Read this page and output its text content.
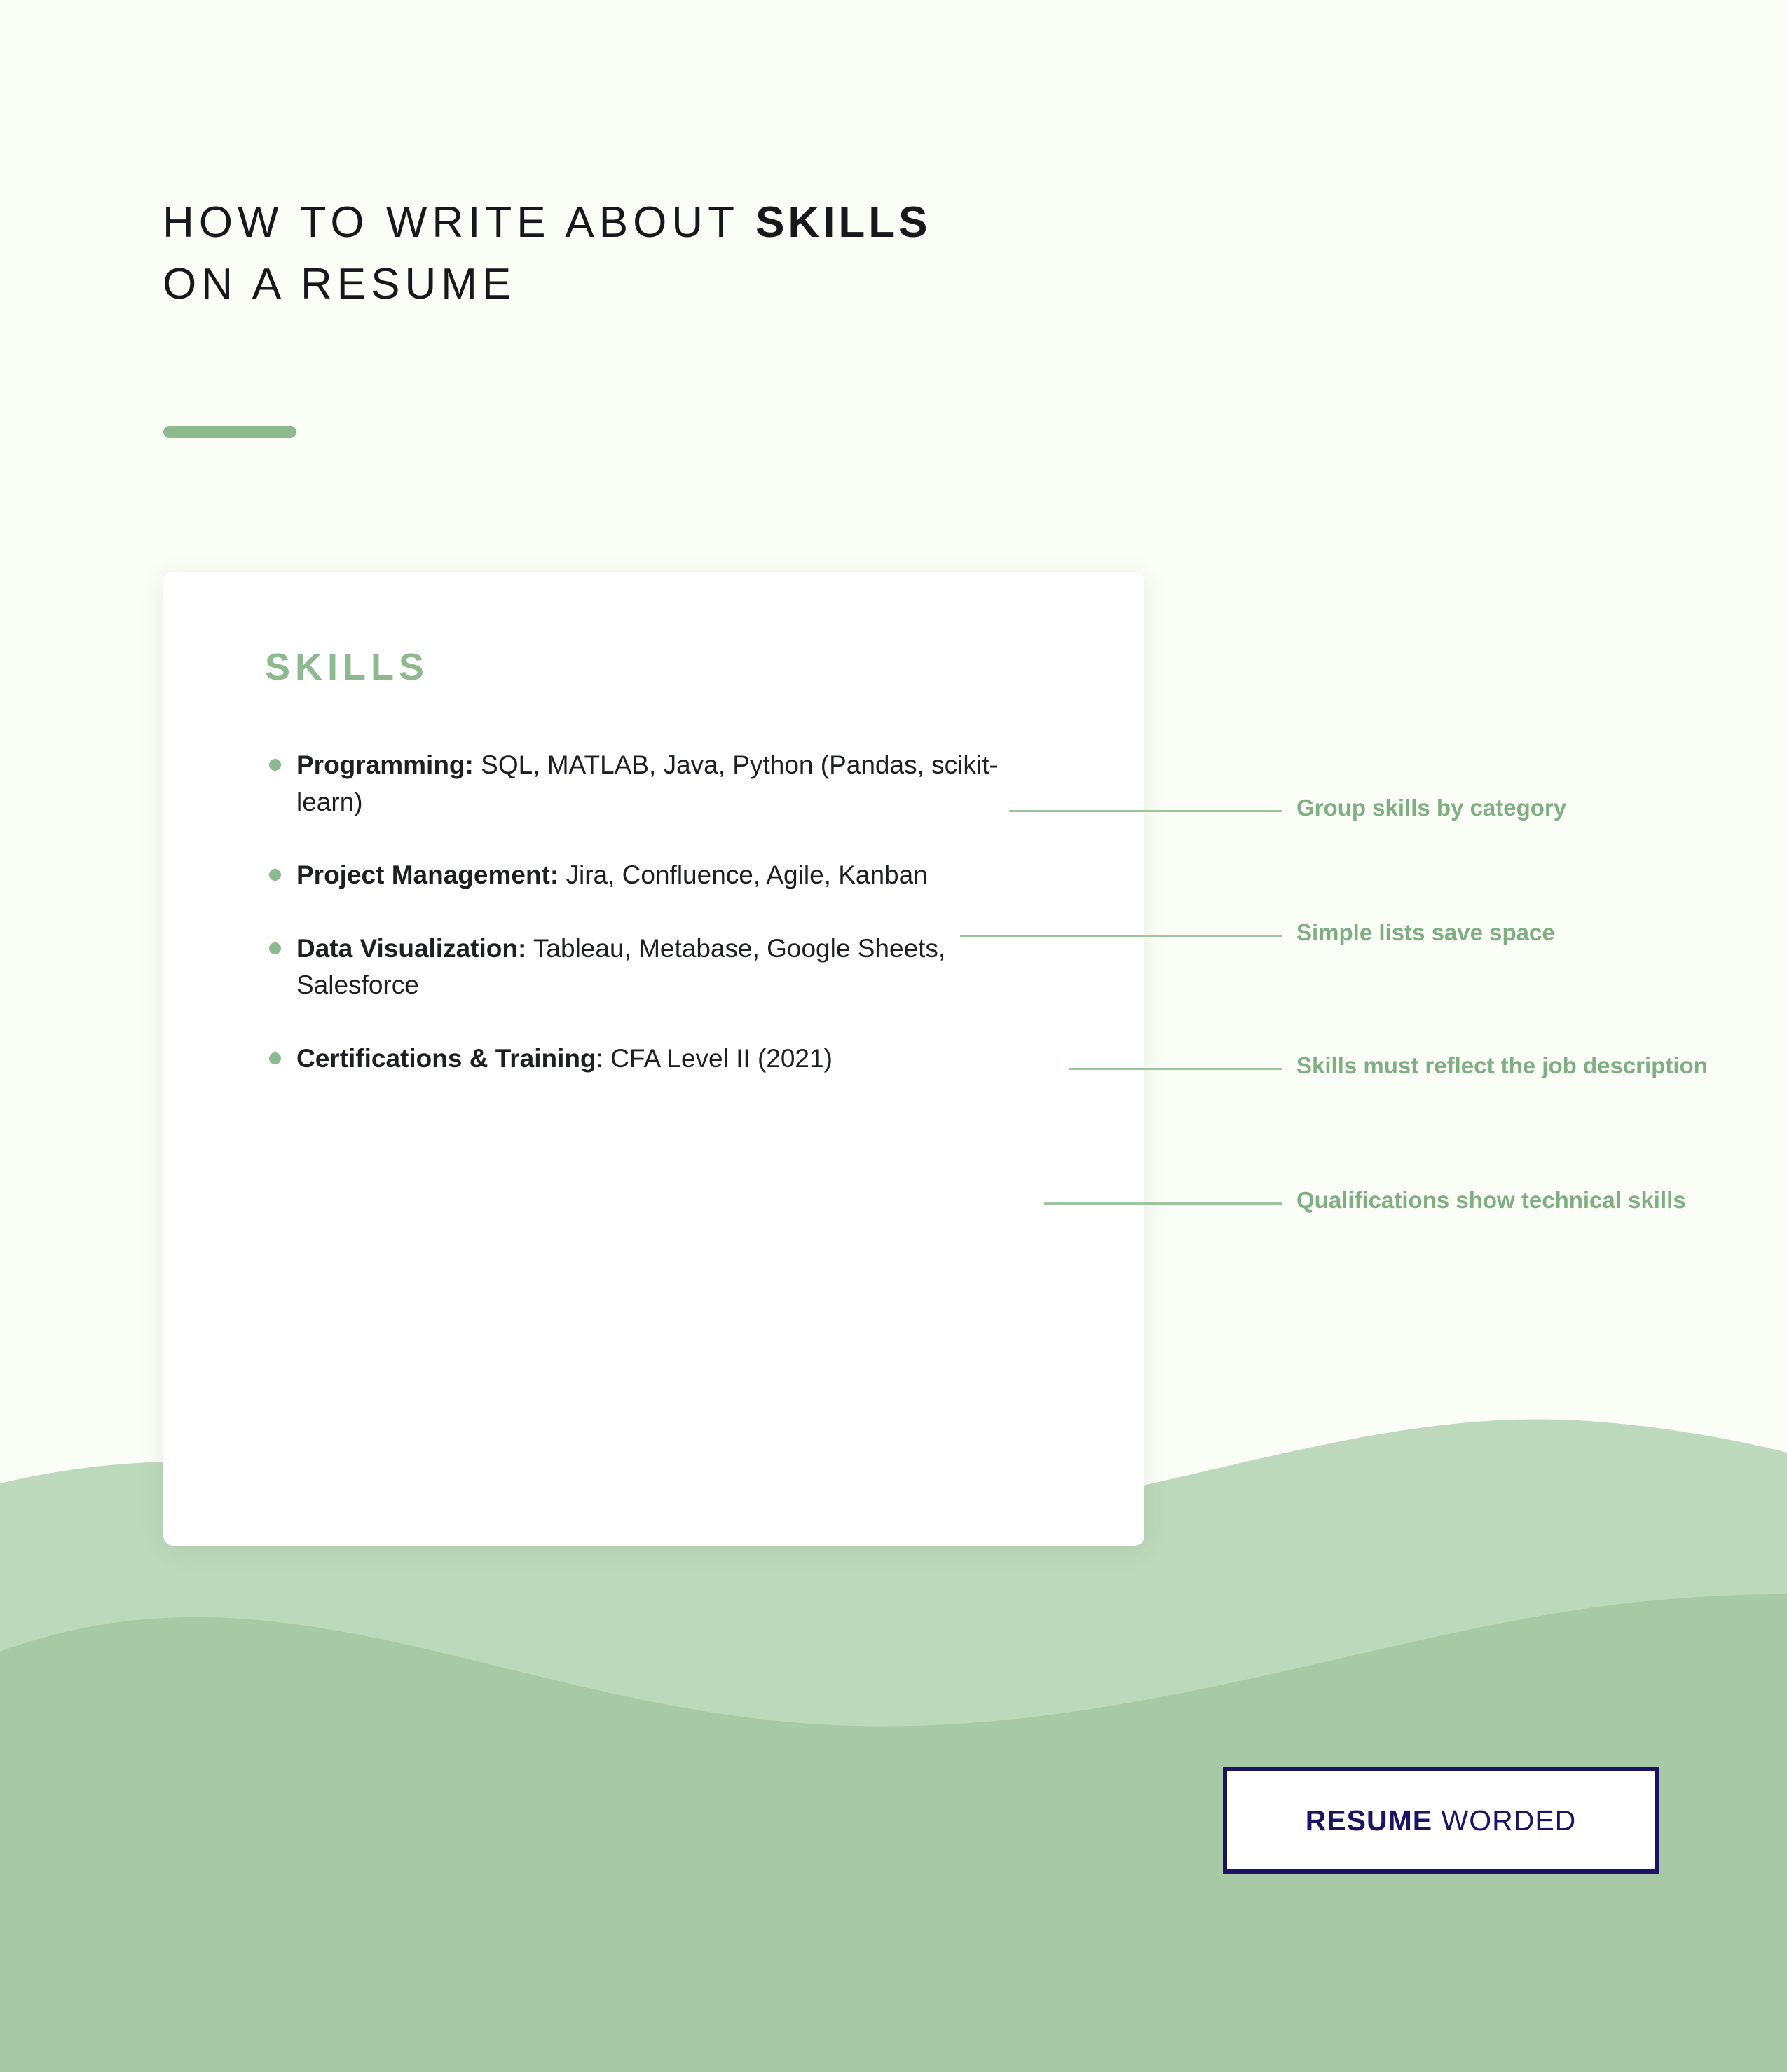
HOW TO WRITE ABOUT SKILLS
ON A RESUME
SKILLS
Programming: SQL, MATLAB, Java, Python (Pandas, scikit-learn)
Project Management: Jira, Confluence, Agile, Kanban
Data Visualization: Tableau, Metabase, Google Sheets, Salesforce
Certifications & Training: CFA Level II (2021)
Group skills by category
Simple lists save space
Skills must reflect the job description
Qualifications show technical skills
RESUME WORDED
